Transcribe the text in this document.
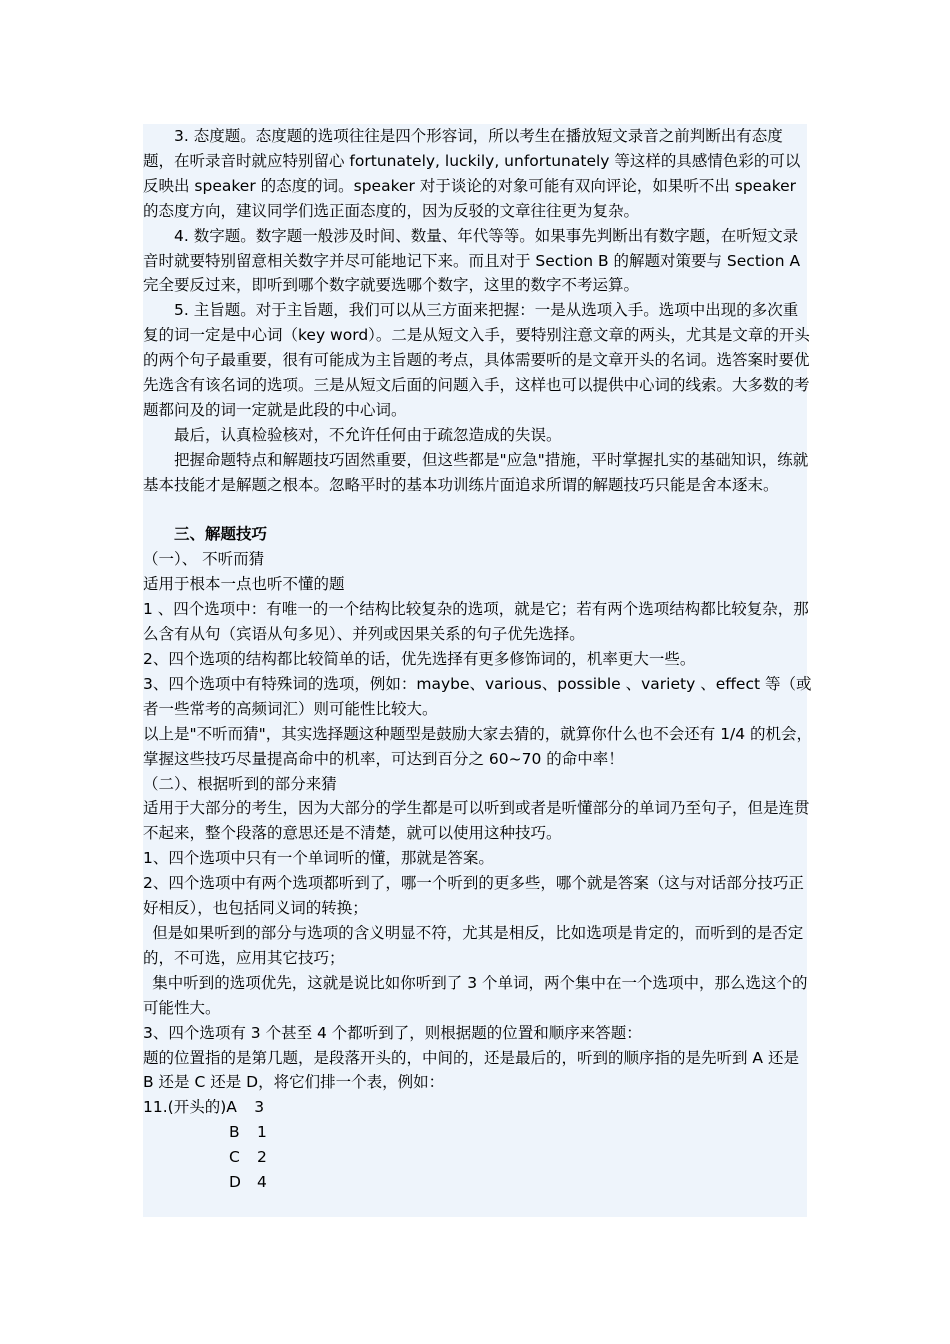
3. 态度题。态度题的选项往往是四个形容词，所以考生在播放短文录音之前判断出有态度题，在听录音时就应特别留心 fortunately, luckily, unfortunately 等这样的具感情色彩的可以反映出 speaker 的态度的词。speaker 对于谈论的对象可能有双向评论，如果听不出 speaker 的态度方向，建议同学们选正面态度的，因为反驳的文章往往更为复杂。

4. 数字题。数字题一般涉及时间、数量、年代等等。如果事先判断出有数字题，在听短文录音时就要特别留意相关数字并尽可能地记下来。而且对于 Section B 的解题对策要与 Section A 完全要反过来，即听到哪个数字就要选哪个数字，这里的数字不考运算。

5. 主旨题。对于主旨题，我们可以从三方面来把握：一是从选项入手。选项中出现的多次重复的词一定是中心词（key word）。二是从短文入手，要特别注意文章的两头，尤其是文章的开头的两个句子最重要，很有可能成为主旨题的考点，具体需要听的是文章开头的名词。选答案时要优先选含有该名词的选项。三是从短文后面的问题入手，这样也可以提供中心词的线索。大多数的考题都问及的词一定就是此段的中心词。

最后，认真检验核对，不允许任何由于疏忽造成的失误。

把握命题特点和解题技巧固然重要，但这些都是"应急"措施，平时掌握扎实的基础知识，练就基本技能才是解题之根本。忽略平时的基本功训练片面追求所谓的解题技巧只能是舍本逐末。

三、解题技巧

（一）、 不听而猜

适用于根本一点也听不懂的题

1 、四个选项中：有唯一的一个结构比较复杂的选项，就是它；若有两个选项结构都比较复杂，那么含有从句（宾语从句多见）、并列或因果关系的句子优先选择。

2、四个选项的结构都比较简单的话，优先选择有更多修饰词的，机率更大一些。

3、四个选项中有特殊词的选项，例如：maybe、various、possible 、variety 、effect 等（或者一些常考的高频词汇）则可能性比较大。

以上是"不听而猜"，其实选择题这种题型是鼓励大家去猜的，就算你什么也不会还有 1/4 的机会，掌握这些技巧尽量提高命中的机率，可达到百分之 60~70 的命中率！

（二）、根据听到的部分来猜

适用于大部分的考生，因为大部分的学生都是可以听到或者是听懂部分的单词乃至句子，但是连贯不起来，整个段落的意思还是不清楚，就可以使用这种技巧。

1、四个选项中只有一个单词听的懂，那就是答案。

2、四个选项中有两个选项都听到了，哪一个听到的更多些，哪个就是答案（这与对话部分技巧正好相反），也包括同义词的转换；

但是如果听到的部分与选项的含义明显不符，尤其是相反，比如选项是肯定的，而听到的是否定的，不可选，应用其它技巧；

集中听到的选项优先，这就是说比如你听到了 3 个单词，两个集中在一个选项中，那么选这个的可能性大。

3、四个选项有 3 个甚至 4 个都听到了，则根据题的位置和顺序来答题：

题的位置指的是第几题，是段落开头的，中间的，还是最后的，听到的顺序指的是先听到 A 还是 B 还是 C 还是 D，将它们排一个表，例如：

11.(开头的)A 3

B 1

C 2

D 4
